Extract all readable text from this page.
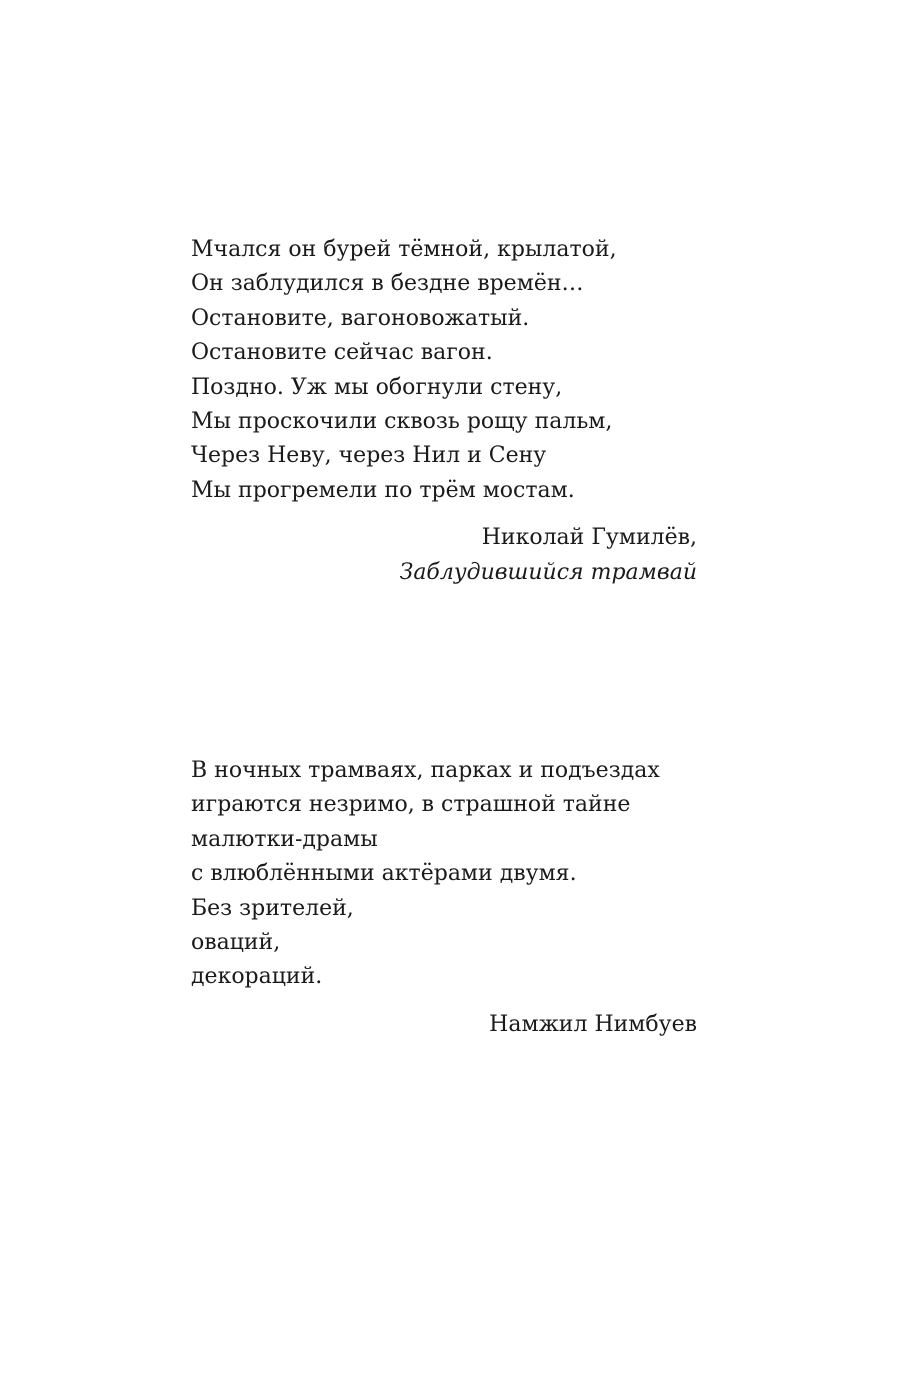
Мчался он бурей тёмной, крылатой,
Он заблудился в бездне времён…
Остановите, вагоновожатый.
Остановите сейчас вагон.
Поздно. Уж мы обогнули стену,
Мы проскочили сквозь рощу пальм,
Через Неву, через Нил и Сену
Мы прогремели по трём мостам.
Николай Гумилёв,
Заблудившийся трамвай
В ночных трамваях, парках и подъездах
играются незримо, в страшной тайне
малютки-драмы
с влюблёнными актёрами двумя.
Без зрителей,
оваций,
декораций.
Намжил Нимбуев
